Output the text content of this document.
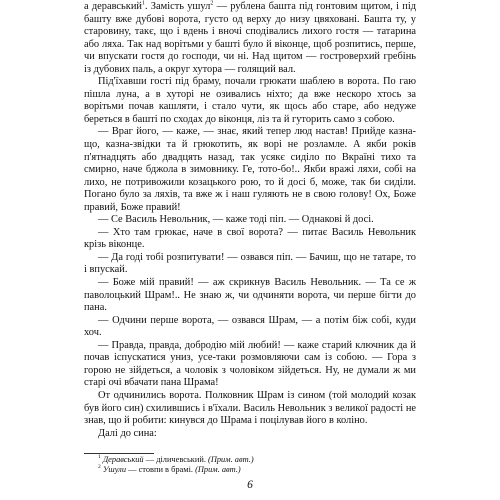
а деравський$^1$. Замість ушул$^2$ — рублена башта під гонтовим щитом, і під башту вже дубові ворота, густо од верху до низу цвяховані. Башта ту, у старовину, такє, що і вдень і вночі сподівались лихого гостя — татарина або ляха. Так над ворітьми у башті було й віконце, щоб розпитись, перше, чи впускати гостя до господи, чи ні. Над щитом — гостроверхий гребінь із дубових паль, а округ хутора — голящий вал.

Під'їхавши гості під браму, почали грюкати шаблею в ворота. По гаю пішла луна, а в хуторі не озивались ніхто; да вже нескоро хтось за ворітьми почав кашляти, і стало чути, як щось або старе, або недуже береться в башті по сходах до віконця, ліз та й гуторить само з собою.

— Враг його, — каже, — знає, який тепер люд настав! Прийде казна-що, казна-звідки та й грюкотить, як ворі не розламле. А якби років п'ятнадцять або двадцять назад, так усякє сиділо по Вкраїні тихо та смирно, наче бджола в зимовнику. Ге, тото-бо!.. Якби вражі ляхи, собі на лихо, не потривожили козацького рою, то й досі б, може, так би сиділи. Погано було за ляхів, та вже ж і наш гуляють не в свою голову! Ох, Боже правий, Боже правий!

— Се Василь Невольник, — каже тоді піп. — Однакові й досі.

— Хто там грюкає, наче в свої ворота? — питає Василь Невольник крізь віконце.

— Да годі тобі розпитувати! — озвався піп. — Бачиш, що не татаре, то і впускай.

— Боже мій правий! — аж скрикнув Василь Невольник. — Та се ж паволоцький Шрам!.. Не знаю ж, чи одчиняти ворота, чи перше бігти до пана.

— Одчини перше ворота, — озвався Шрам, — а потім біж собі, куди хоч.

— Правда, правда, добродію мій любий! — каже старий ключник да й почав іспускатися униз, усе-таки розмовляючи сам із собою. — Гора з горою не зійдеться, а чоловік з чоловіком зійдеться. Ну, не думали ж ми старі очі вбачати пана Шрама!

От одчинились ворота. Полковник Шрам із сином (той молодий козак був його син) схилившись і в'їхали. Василь Невольник з великої радості не знав, що й робити: кинувся до Шрама і поцілував його в коліно.

Далі до сина:

$^1$ Деравський — діличевський. (Прим. авт.)

$^2$ Ушули — стовпи в брамі. (Прим. авт.)

6
